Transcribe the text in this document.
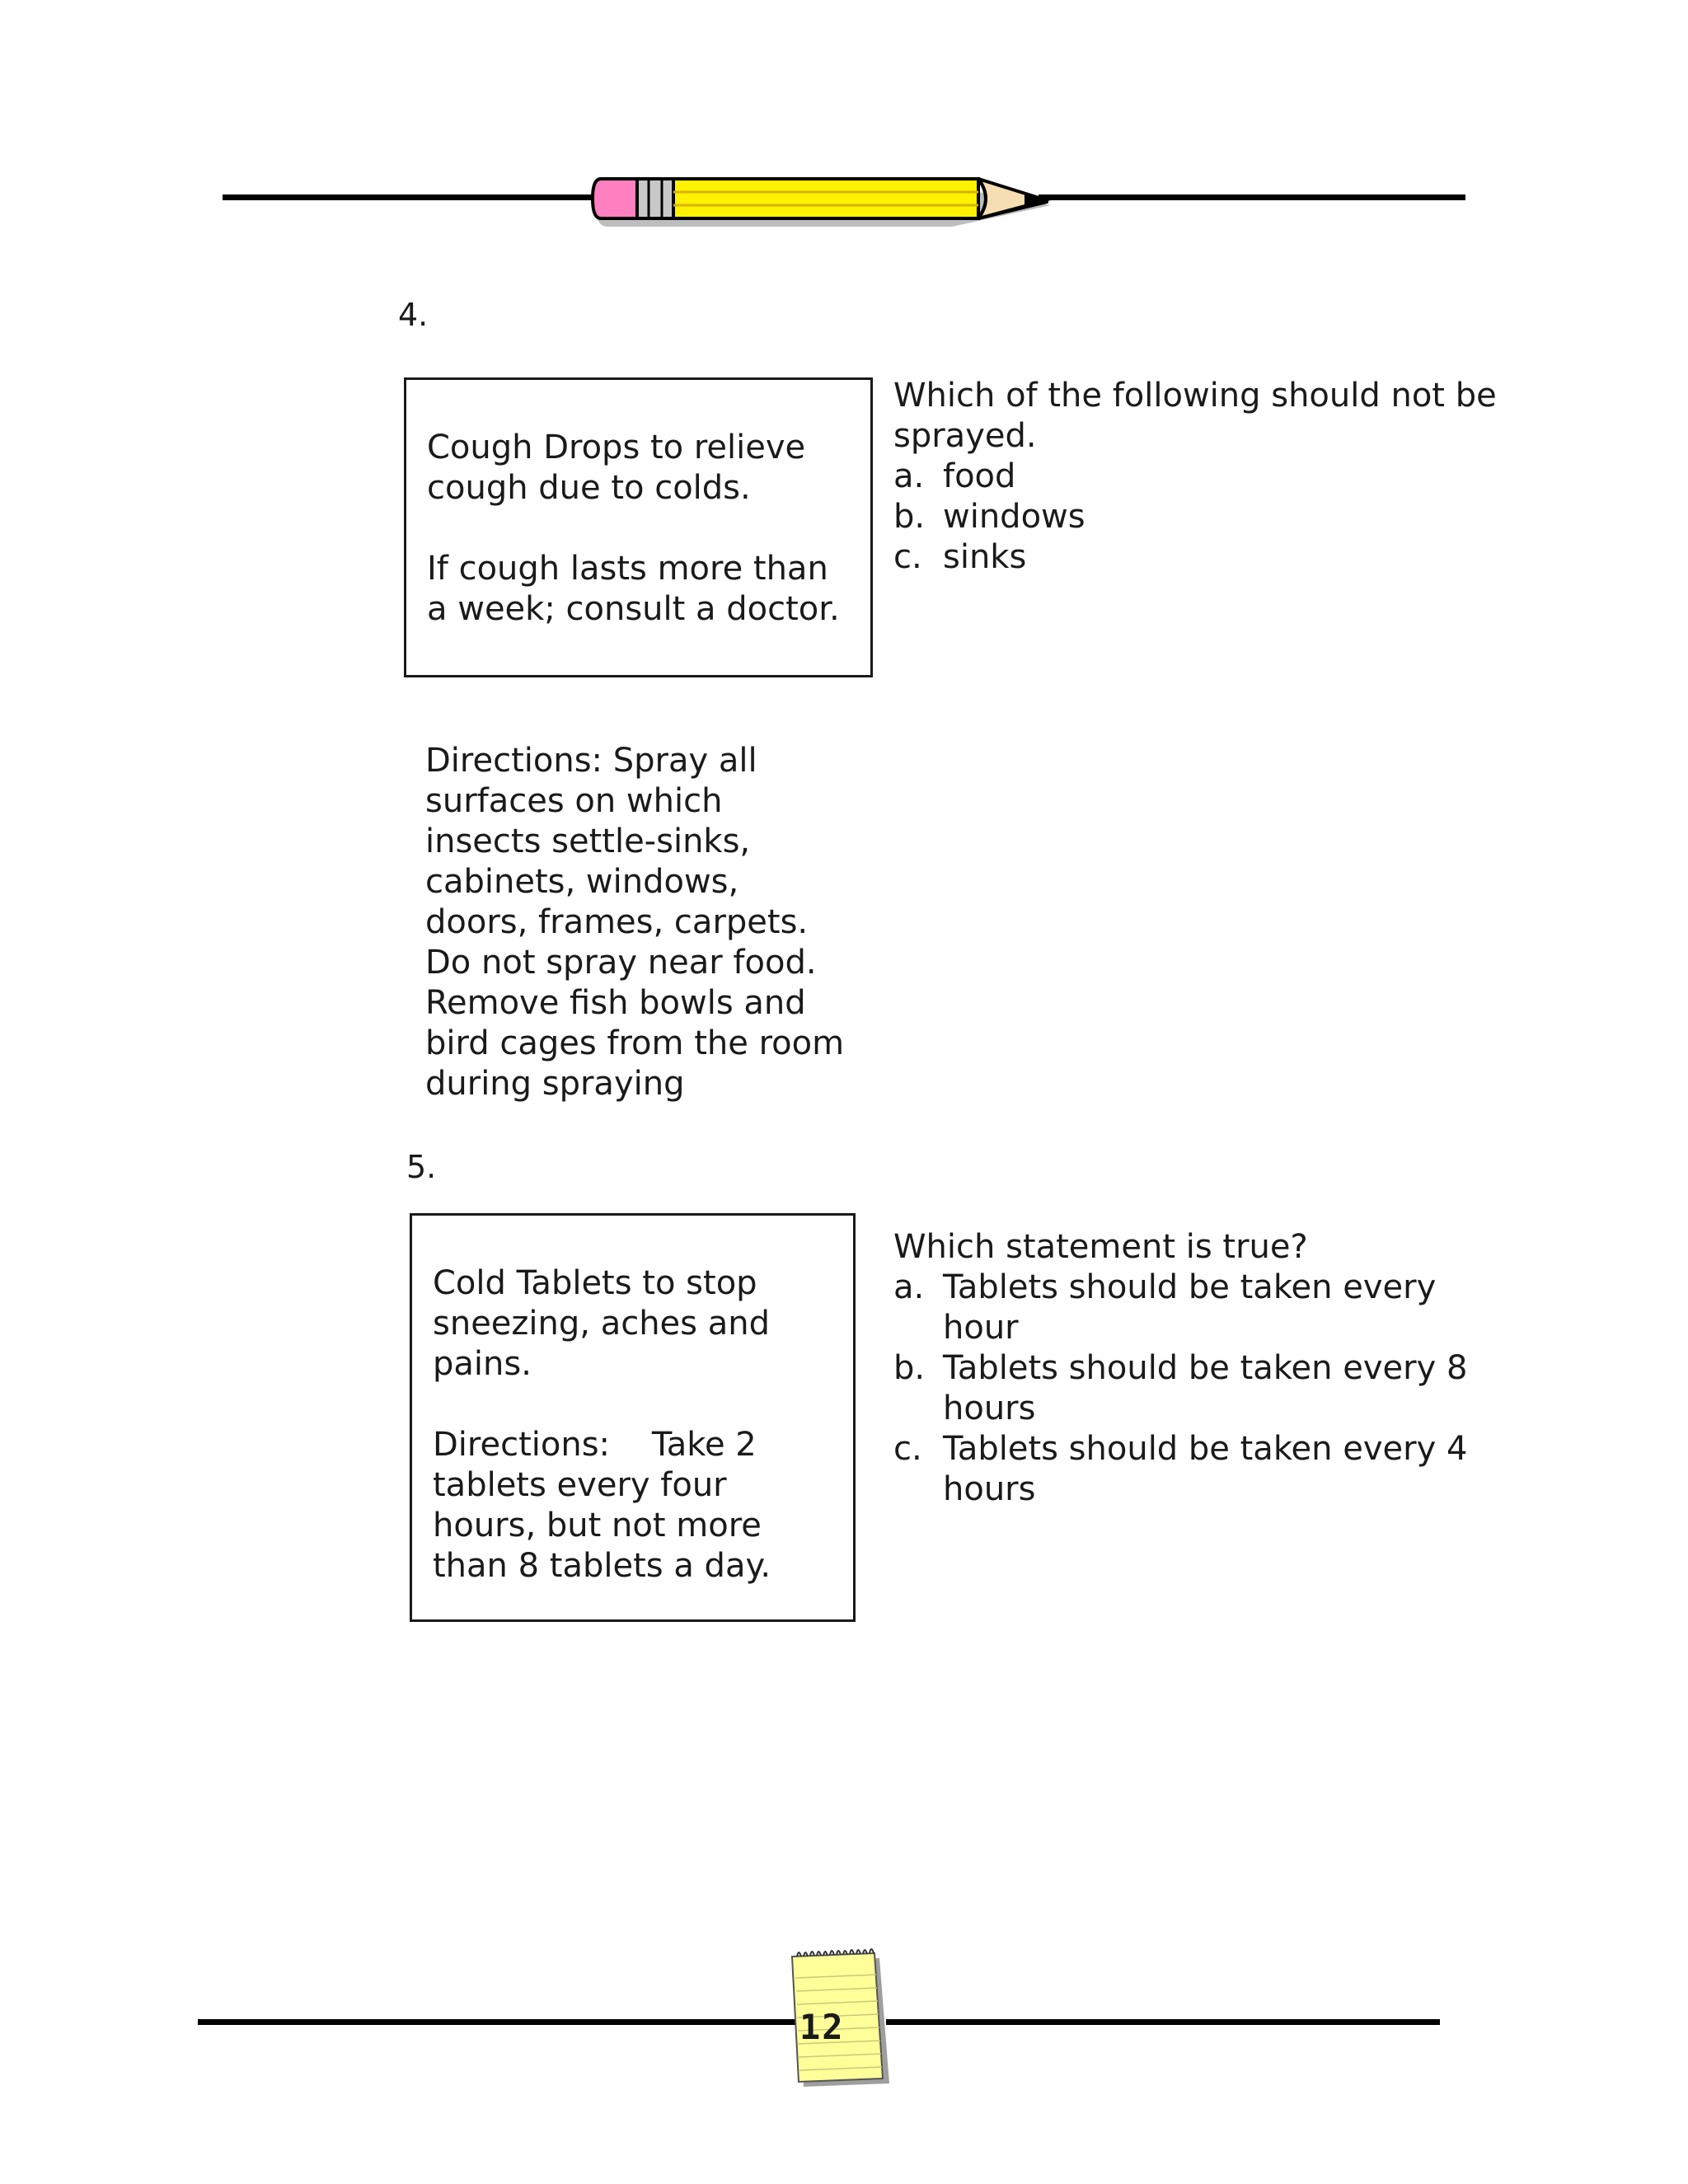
4.

Cough Drops to relieve cough due to colds.

If cough lasts more than a week; consult a doctor.

Which of the following should not be sprayed.

a. food
b. windows
c. sinks
Directions: Spray all surfaces on which insects settle-sinks, cabinets, windows, doors, frames, carpets. Do not spray near food. Remove fish bowls and bird cages from the room during spraying
5.

Cold Tablets to stop sneezing, aches and pains.

Directions:    Take 2 tablets every four hours, but not more than 8 tablets a day.

Which statement is true?

a. Tablets should be taken every hour
b. Tablets should be taken every 8 hours
c. Tablets should be taken every 4 hours
12
